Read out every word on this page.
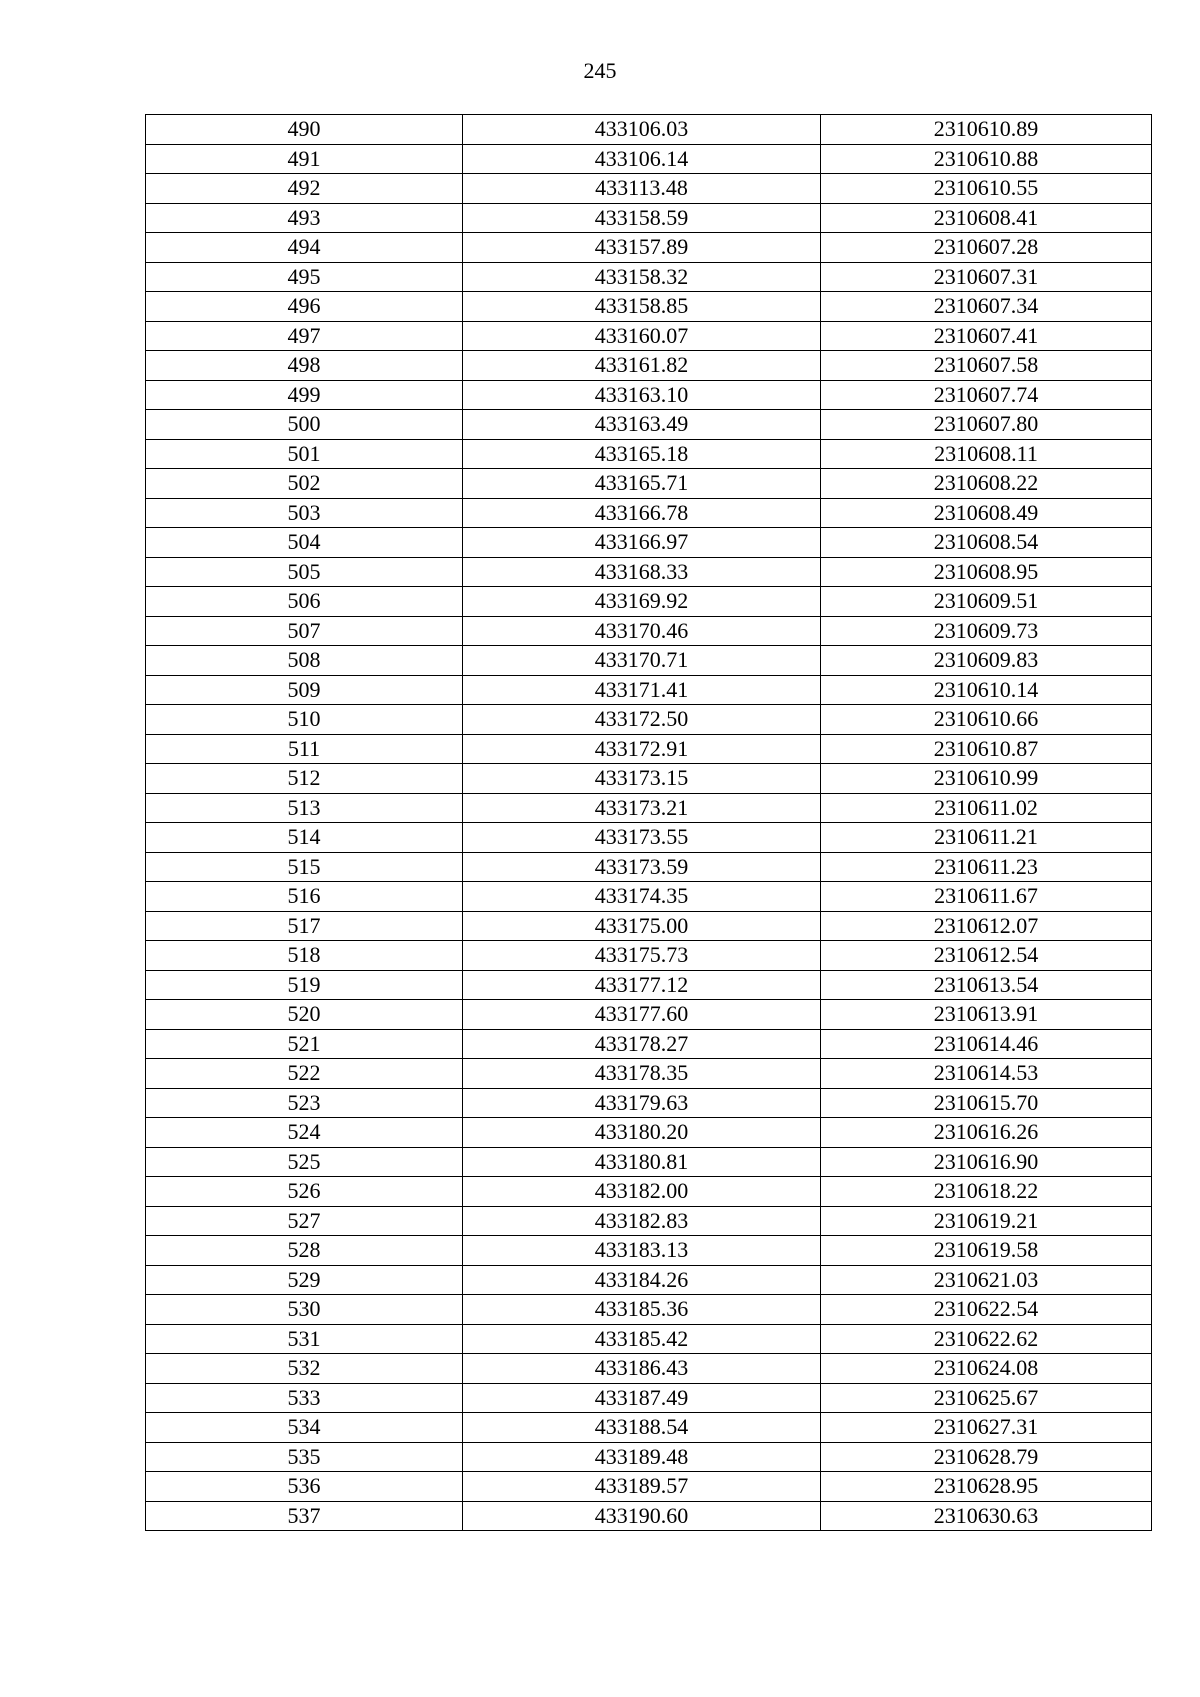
245
490	433106.03	2310610.89
491	433106.14	2310610.88
492	433113.48	2310610.55
493	433158.59	2310608.41
494	433157.89	2310607.28
495	433158.32	2310607.31
496	433158.85	2310607.34
497	433160.07	2310607.41
498	433161.82	2310607.58
499	433163.10	2310607.74
500	433163.49	2310607.80
501	433165.18	2310608.11
502	433165.71	2310608.22
503	433166.78	2310608.49
504	433166.97	2310608.54
505	433168.33	2310608.95
506	433169.92	2310609.51
507	433170.46	2310609.73
508	433170.71	2310609.83
509	433171.41	2310610.14
510	433172.50	2310610.66
511	433172.91	2310610.87
512	433173.15	2310610.99
513	433173.21	2310611.02
514	433173.55	2310611.21
515	433173.59	2310611.23
516	433174.35	2310611.67
517	433175.00	2310612.07
518	433175.73	2310612.54
519	433177.12	2310613.54
520	433177.60	2310613.91
521	433178.27	2310614.46
522	433178.35	2310614.53
523	433179.63	2310615.70
524	433180.20	2310616.26
525	433180.81	2310616.90
526	433182.00	2310618.22
527	433182.83	2310619.21
528	433183.13	2310619.58
529	433184.26	2310621.03
530	433185.36	2310622.54
531	433185.42	2310622.62
532	433186.43	2310624.08
533	433187.49	2310625.67
534	433188.54	2310627.31
535	433189.48	2310628.79
536	433189.57	2310628.95
537	433190.60	2310630.63
